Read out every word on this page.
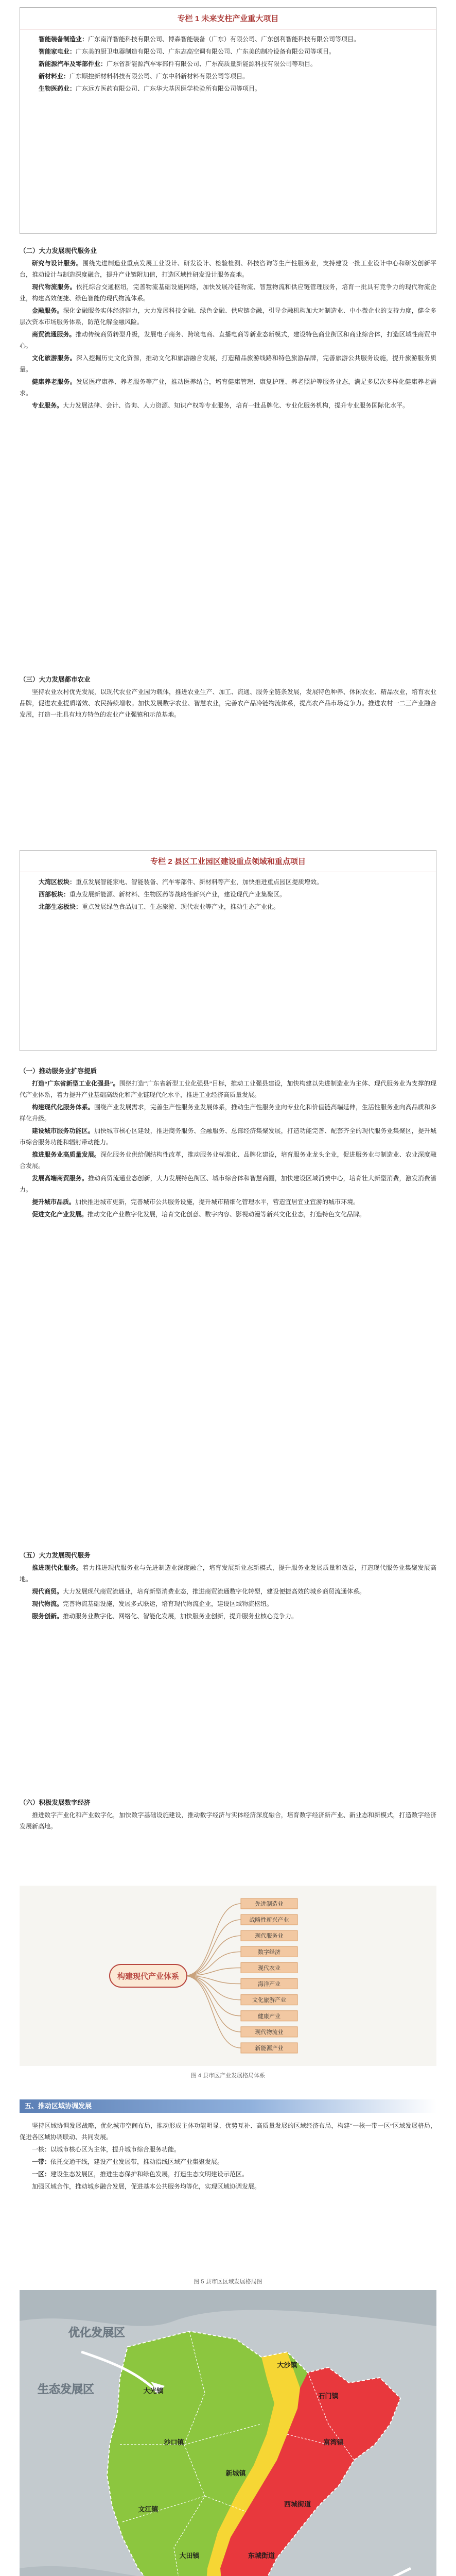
专栏 1 未来支柱产业重大项目

智能装备制造业：广东南洋智能科技有限公司、博森智能装备（广东）有限公司、广东创利智能科技有限公司等项目。

智能家电业：广东美的厨卫电器制造有限公司、广东志高空调有限公司、广东美的制冷设备有限公司等项目。

新能源汽车及零部件业：广东省新能源汽车零部件有限公司、广东高质量新能源科技有限公司等项目。

新材料业：广东顺控新材料科技有限公司、广东中科新材料有限公司等项目。

生物医药业：广东远方医药有限公司、广东华大基因医学检验所有限公司等项目。

（二）大力发展现代服务业

研究与设计服务。围绕先进制造业重点发展工业设计、研发设计、检验检测、科技咨询等生产性服务业，支持建设一批工业设计中心和研发创新平台，推动设计与制造深度融合，提升产业链附加值，打造区域性研发设计服务高地。

现代物流服务。依托综合交通枢纽，完善物流基础设施网络，加快发展冷链物流、智慧物流和供应链管理服务，培育一批具有竞争力的现代物流企业，构建高效便捷、绿色智能的现代物流体系。

金融服务。深化金融服务实体经济能力，大力发展科技金融、绿色金融、供应链金融，引导金融机构加大对制造业、中小微企业的支持力度，健全多层次资本市场服务体系，防范化解金融风险。

商贸流通服务。推动传统商贸转型升级，发展电子商务、跨境电商、直播电商等新业态新模式，建设特色商业街区和商业综合体，打造区域性商贸中心。

文化旅游服务。深入挖掘历史文化资源，推动文化和旅游融合发展，打造精品旅游线路和特色旅游品牌，完善旅游公共服务设施，提升旅游服务质量。

健康养老服务。发展医疗康养、养老服务等产业，推动医养结合，培育健康管理、康复护理、养老照护等服务业态，满足多层次多样化健康养老需求。

专业服务。大力发展法律、会计、咨询、人力资源、知识产权等专业服务，培育一批品牌化、专业化服务机构，提升专业服务国际化水平。

（三）大力发展都市农业

坚持农业农村优先发展，以现代农业产业园为载体，推进农业生产、加工、流通、服务全链条发展，发展特色种养、休闲农业、精品农业，培育农业品牌，促进农业提质增效、农民持续增收。加快发展数字农业、智慧农业，完善农产品冷链物流体系，提高农产品市场竞争力。推进农村一二三产业融合发展，打造一批具有地方特色的农业产业强镇和示范基地。

专栏 2 县区工业园区建设重点领域和重点项目

大湾区板块：重点发展智能家电、智能装备、汽车零部件、新材料等产业，加快推进重点园区提质增效。

西部板块：重点发展新能源、新材料、生物医药等战略性新兴产业，建设现代产业集聚区。

北部生态板块：重点发展绿色食品加工、生态旅游、现代农业等产业，推动生态产业化。

（一）推动服务业扩容提质

打造“广东省新型工业化强县”。围绕打造“广东省新型工业化强县”目标，推动工业强县建设，加快构建以先进制造业为主体、现代服务业为支撑的现代产业体系，着力提升产业基础高级化和产业链现代化水平，推进工业经济高质量发展。

构建现代化服务体系。围绕产业发展需求，完善生产性服务业发展体系，推动生产性服务业向专业化和价值链高端延伸，生活性服务业向高品质和多样化升级。

建设城市服务功能区。加快城市核心区建设，推进商务服务、金融服务、总部经济集聚发展，打造功能完善、配套齐全的现代服务业集聚区，提升城市综合服务功能和辐射带动能力。

推进服务业高质量发展。深化服务业供给侧结构性改革，推动服务业标准化、品牌化建设，培育服务业龙头企业，促进服务业与制造业、农业深度融合发展。

发展高端商贸服务。推动商贸流通业态创新，大力发展特色街区、城市综合体和智慧商圈，加快建设区域消费中心，培育壮大新型消费，激发消费潜力。

提升城市品质。加快推进城市更新，完善城市公共服务设施，提升城市精细化管理水平，营造宜居宜业宜游的城市环境。

促进文化产业发展。推动文化产业数字化发展，培育文化创意、数字内容、影视动漫等新兴文化业态，打造特色文化品牌。

（五）大力发展现代服务

推进现代化服务。着力推进现代服务业与先进制造业深度融合，培育发展新业态新模式，提升服务业发展质量和效益，打造现代服务业集聚发展高地。

现代商贸。大力发展现代商贸流通业，培育新型消费业态，推进商贸流通数字化转型，建设便捷高效的城乡商贸流通体系。

现代物流。完善物流基础设施，发展多式联运，培育现代物流企业，建设区域物流枢纽。

服务创新。推动服务业数字化、网络化、智能化发展，加快服务业创新，提升服务业核心竞争力。

（六）积极发展数字经济

推进数字产业化和产业数字化，加快数字基础设施建设，推动数字经济与实体经济深度融合，培育数字经济新产业、新业态和新模式，打造数字经济发展新高地。

先进制造业
战略性新兴产业
现代服务业
数字经济
现代农业
海洋产业
文化旅游产业
健康产业
现代物流业
新能源产业
构建现代产业体系
图 4 县市区产业发展格局体系
五、推动区域协调发展

坚持区域协调发展战略，优化城市空间布局，推动形成主体功能明显、优势互补、高质量发展的区域经济布局，构建“一核一带一区”区域发展格局，促进各区域协调联动、共同发展。

一核：以城市核心区为主体，提升城市综合服务功能。

一带：依托交通干线，建设产业发展带，推动沿线区域产业集聚发展。

一区：建设生态发展区，推进生态保护和绿色发展，打造生态文明建设示范区。

加强区域合作，推动城乡融合发展，促进基本公共服务均等化，实现区域协调发展。

图 5 县市区区域发展格局图
优化发展区
生态发展区
大沙镇
大光镇
石门镇
沙口镇	富湾镇
新城镇
文江镇
大田镇
西城街道
东城街道
